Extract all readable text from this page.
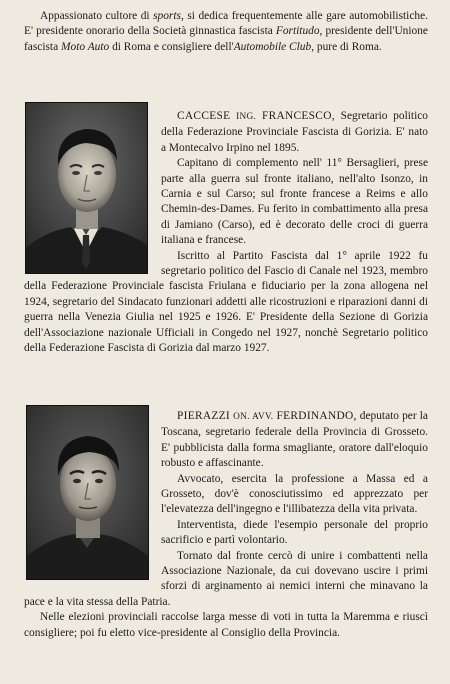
Appassionato cultore di sports, si dedica frequentemente alle gare automobilistiche. E' presidente onorario della Società ginnastica fascista Fortitudo, presidente dell'Unione fascista Moto Auto di Roma e consigliere dell'Automobile Club, pure di Roma.

CACCESE ING. FRANCESCO, Segretario politico della Federazione Provinciale Fascista di Gorizia. E' nato a Montecalvo Irpino nel 1895.

Capitano di complemento nell' 11° Bersaglieri, prese parte alla guerra sul fronte italiano, nell'alto Isonzo, in Carnia e sul Carso; sul fronte francese a Reims e allo Chemin-des-Dames. Fu ferito in combattimento alla presa di Jamiano (Carso), ed è decorato delle croci di guerra italiana e francese.

Iscritto al Partito Fascista dal 1° aprile 1922 fu segretario politico del Fascio di Canale nel 1923, membro della Federazione Provinciale fascista Friulana e fiduciario per la zona allogena nel 1924, segretario del Sindacato funzionari addetti alle ricostruzioni e riparazioni danni di guerra nella Venezia Giulia nel 1925 e 1926. E' Presidente della Sezione di Gorizia dell'Associazione nazionale Ufficiali in Congedo nel 1927, nonchè Segretario politico della Federazione Fascista di Gorizia dal marzo 1927.

PIERAZZI ON. AVV. FERDINANDO, deputato per la Toscana, segretario federale della Provincia di Grosseto. E' pubblicista dalla forma smagliante, oratore dall'eloquio robusto e affascinante.

Avvocato, esercita la professione a Massa ed a Grosseto, dov'è conosciutissimo ed apprezzato per l'elevatezza dell'ingegno e l'illibatezza della vita privata.

Interventista, diede l'esempio personale del proprio sacrificio e partì volontario.

Tornato dal fronte cercò di unire i combattenti nella Associazione Nazionale, da cui dovevano uscire i primi sforzi di arginamento ai nemici interni che minavano la pace e la vita stessa della Patria.

Nelle elezioni provinciali raccolse larga messe di voti in tutta la Maremma e riuscì consigliere; poi fu eletto vice-presidente al Consiglio della Provincia.
